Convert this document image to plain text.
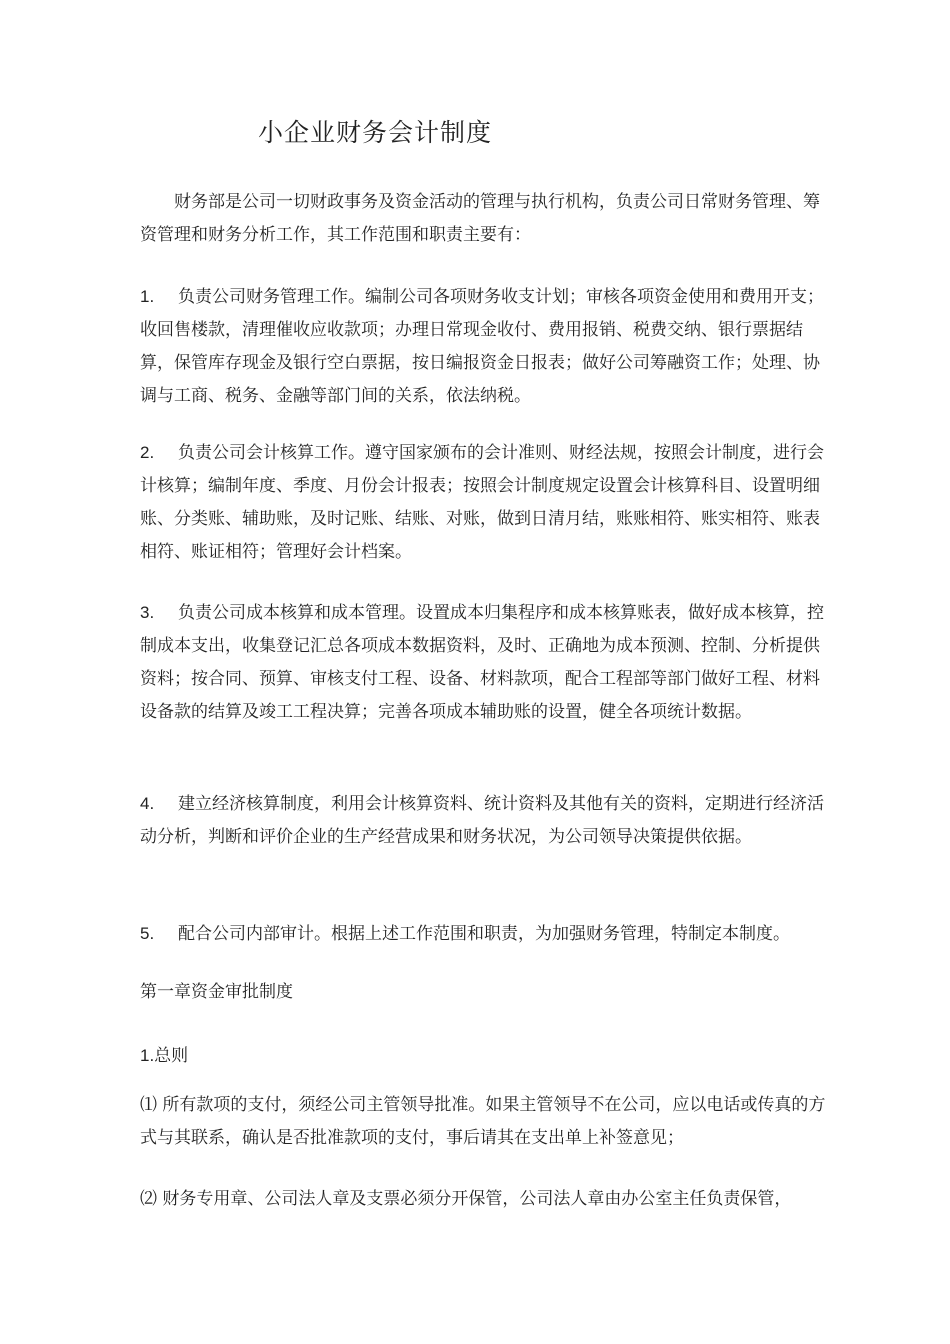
小企业财务会计制度
财务部是公司一切财政事务及资金活动的管理与执行机构，负责公司日常财务管理、筹资管理和财务分析工作，其工作范围和职责主要有：
1. 负责公司财务管理工作。编制公司各项财务收支计划；审核各项资金使用和费用开支；收回售楼款，清理催收应收款项；办理日常现金收付、费用报销、税费交纳、银行票据结算，保管库存现金及银行空白票据，按日编报资金日报表；做好公司筹融资工作；处理、协调与工商、税务、金融等部门间的关系，依法纳税。
2. 负责公司会计核算工作。遵守国家颁布的会计准则、财经法规，按照会计制度，进行会计核算；编制年度、季度、月份会计报表；按照会计制度规定设置会计核算科目、设置明细账、分类账、辅助账，及时记账、结账、对账，做到日清月结，账账相符、账实相符、账表相符、账证相符；管理好会计档案。
3. 负责公司成本核算和成本管理。设置成本归集程序和成本核算账表，做好成本核算，控制成本支出，收集登记汇总各项成本数据资料，及时、正确地为成本预测、控制、分析提供资料；按合同、预算、审核支付工程、设备、材料款项，配合工程部等部门做好工程、材料设备款的结算及竣工工程决算；完善各项成本辅助账的设置，健全各项统计数据。
4. 建立经济核算制度，利用会计核算资料、统计资料及其他有关的资料，定期进行经济活动分析，判断和评价企业的生产经营成果和财务状况，为公司领导决策提供依据。
5. 配合公司内部审计。根据上述工作范围和职责，为加强财务管理，特制定本制度。
第一章资金审批制度
1.总则
⑴ 所有款项的支付，须经公司主管领导批准。如果主管领导不在公司，应以电话或传真的方式与其联系，确认是否批准款项的支付，事后请其在支出单上补签意见；
⑵ 财务专用章、公司法人章及支票必须分开保管，公司法人章由办公室主任负责保管，
